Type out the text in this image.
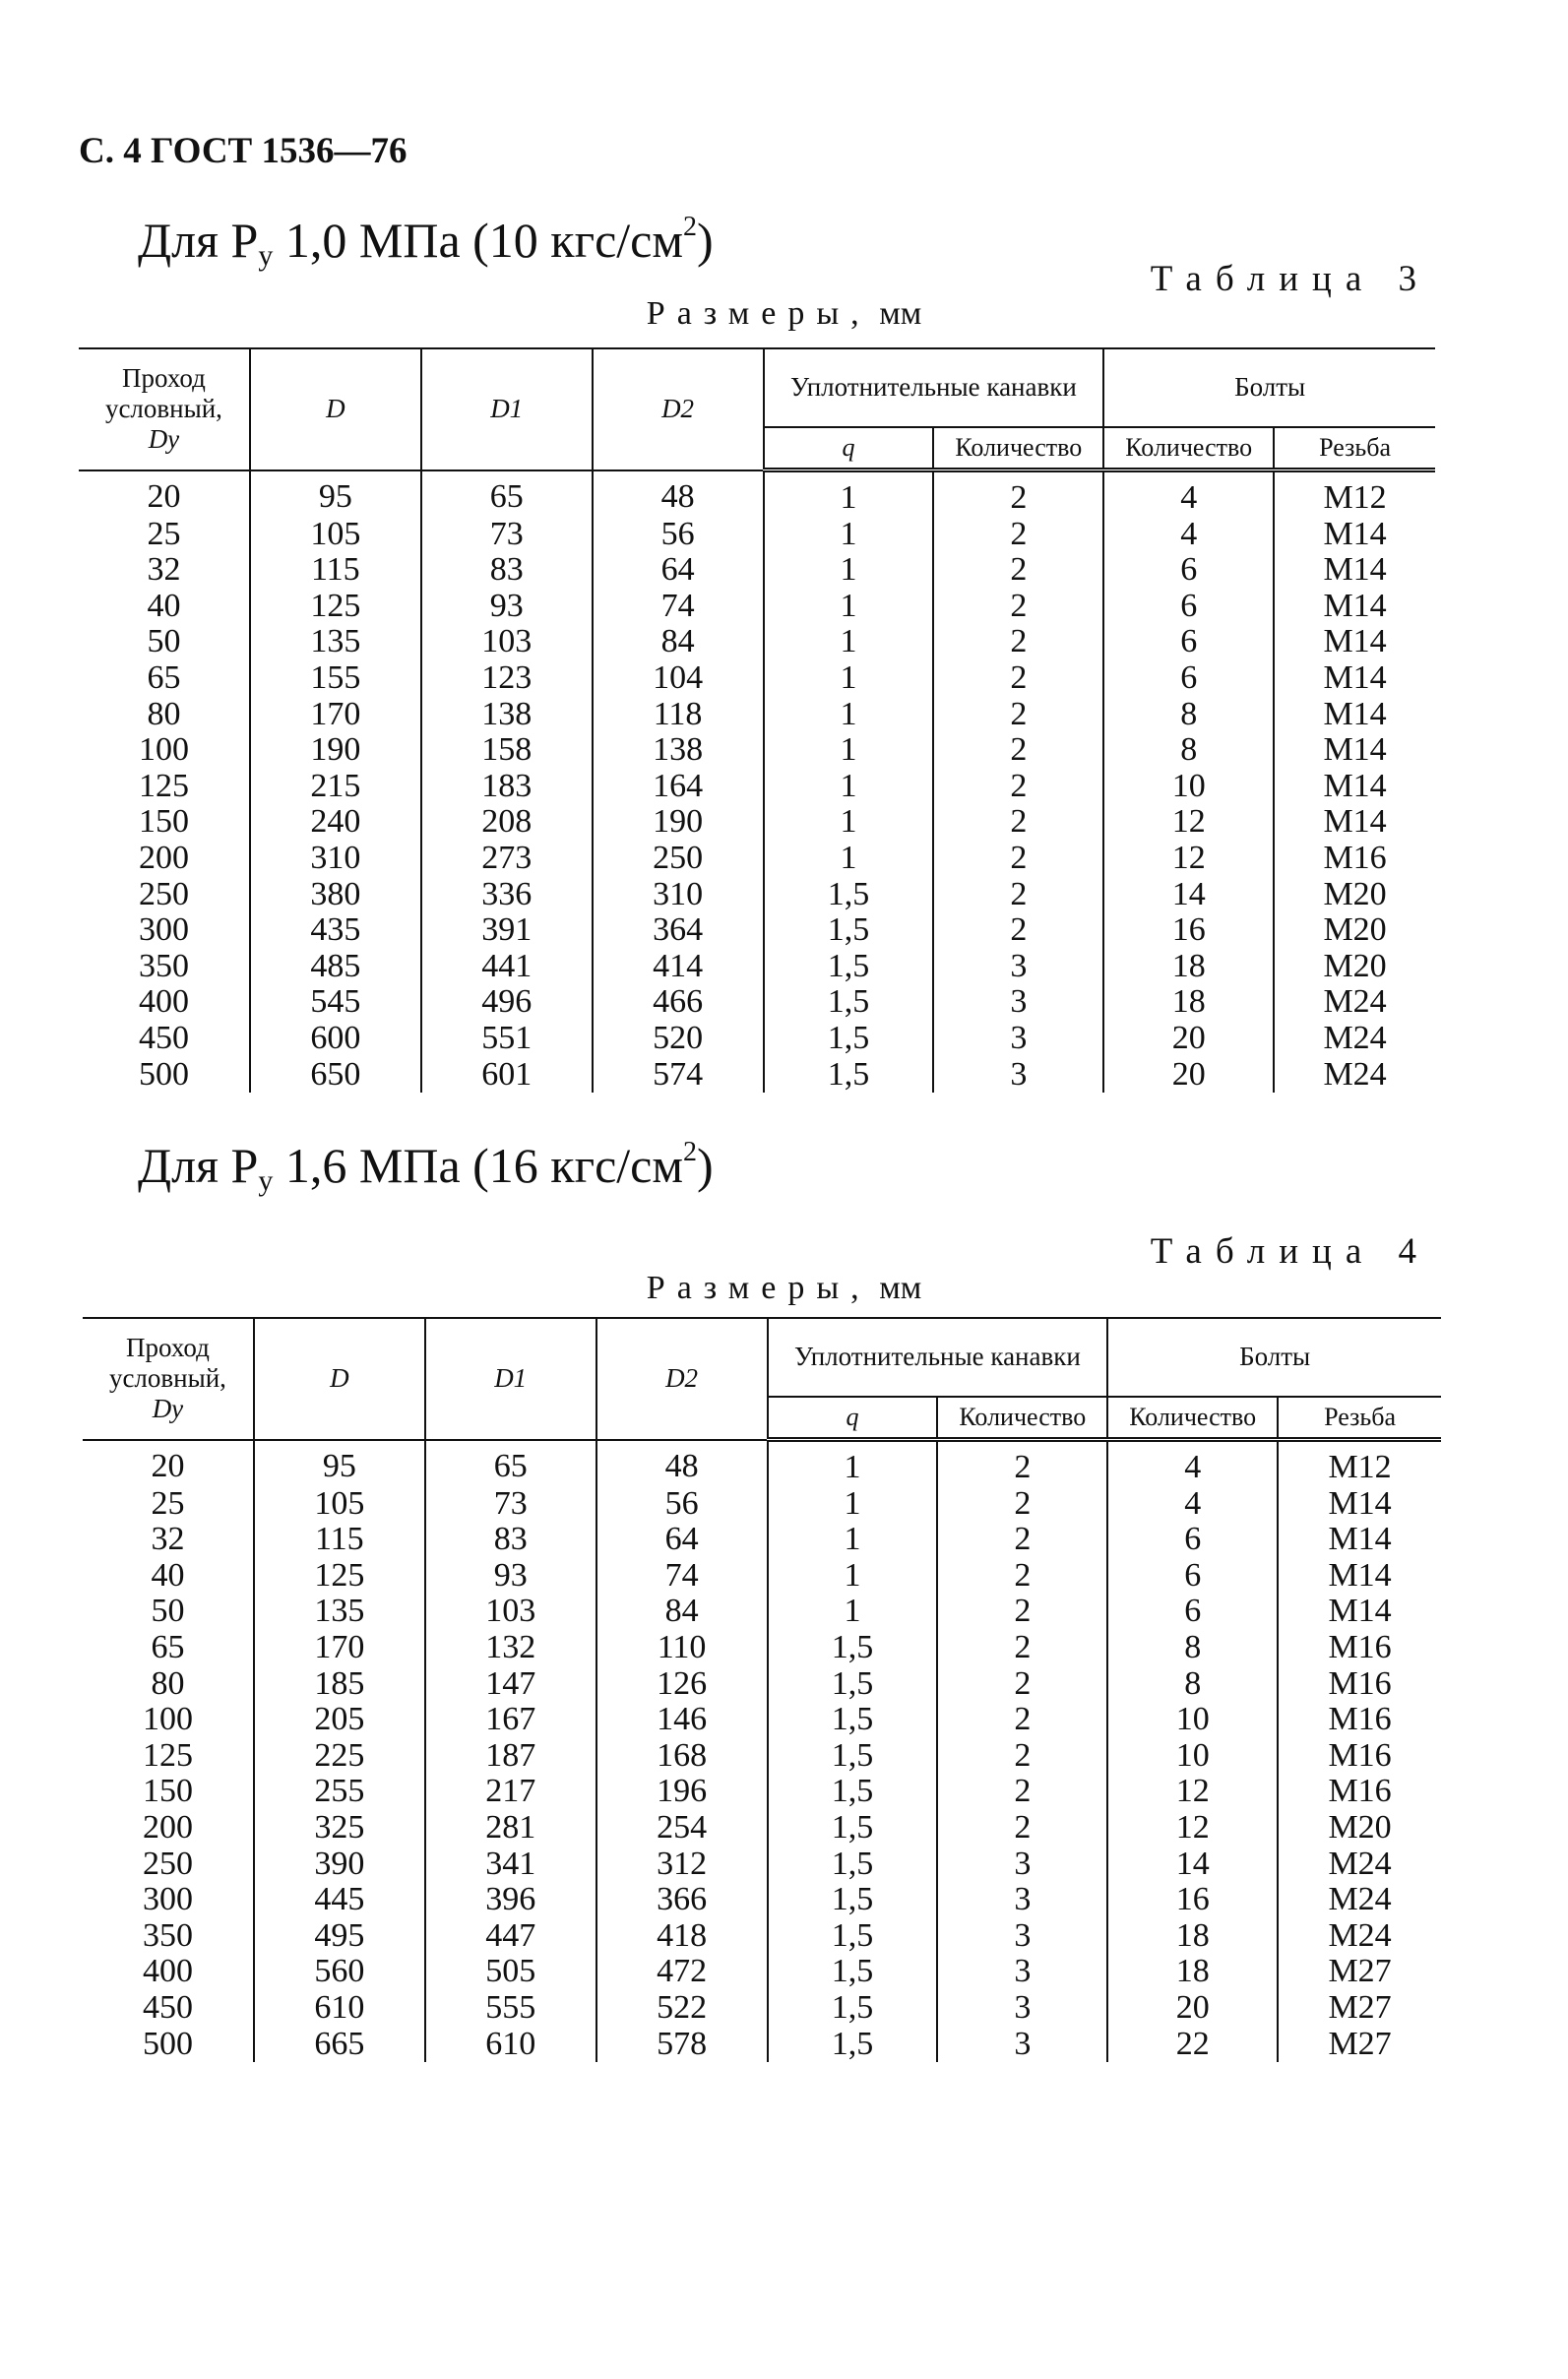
С. 4 ГОСТ 1536—76
Для $P_y$ 1,0 МПа (10 кгс/$см^2$)
Таблица 3
Размеры, мм
Проход условный,
Dy	D	D1	D2	Уплотнительные канавки		Болты	
				q	Количество	Количество	Резьба
20	95	65	48	1	2	4	M12
25	105	73	56	1	2	4	M14
32	115	83	64	1	2	6	M14
40	125	93	74	1	2	6	M14
50	135	103	84	1	2	6	M14
65	155	123	104	1	2	6	M14
80	170	138	118	1	2	8	M14
100	190	158	138	1	2	8	M14
125	215	183	164	1	2	10	M14
150	240	208	190	1	2	12	M14
200	310	273	250	1	2	12	M16
250	380	336	310	1,5	2	14	M20
300	435	391	364	1,5	2	16	M20
350	485	441	414	1,5	3	18	M20
400	545	496	466	1,5	3	18	M24
450	600	551	520	1,5	3	20	M24
500	650	601	574	1,5	3	20	M24
Для $P_y$ 1,6 МПа (16 кгс/$см^2$)
Таблица 4
Размеры, мм
Проход условный,
Dy	D	D1	D2	Уплотнительные канавки		Болты	
				q	Количество	Количество	Резьба
20	95	65	48	1	2	4	M12
25	105	73	56	1	2	4	M14
32	115	83	64	1	2	6	M14
40	125	93	74	1	2	6	M14
50	135	103	84	1	2	6	M14
65	170	132	110	1,5	2	8	M16
80	185	147	126	1,5	2	8	M16
100	205	167	146	1,5	2	10	M16
125	225	187	168	1,5	2	10	M16
150	255	217	196	1,5	2	12	M16
200	325	281	254	1,5	2	12	M20
250	390	341	312	1,5	3	14	M24
300	445	396	366	1,5	3	16	M24
350	495	447	418	1,5	3	18	M24
400	560	505	472	1,5	3	18	M27
450	610	555	522	1,5	3	20	M27
500	665	610	578	1,5	3	22	M27
